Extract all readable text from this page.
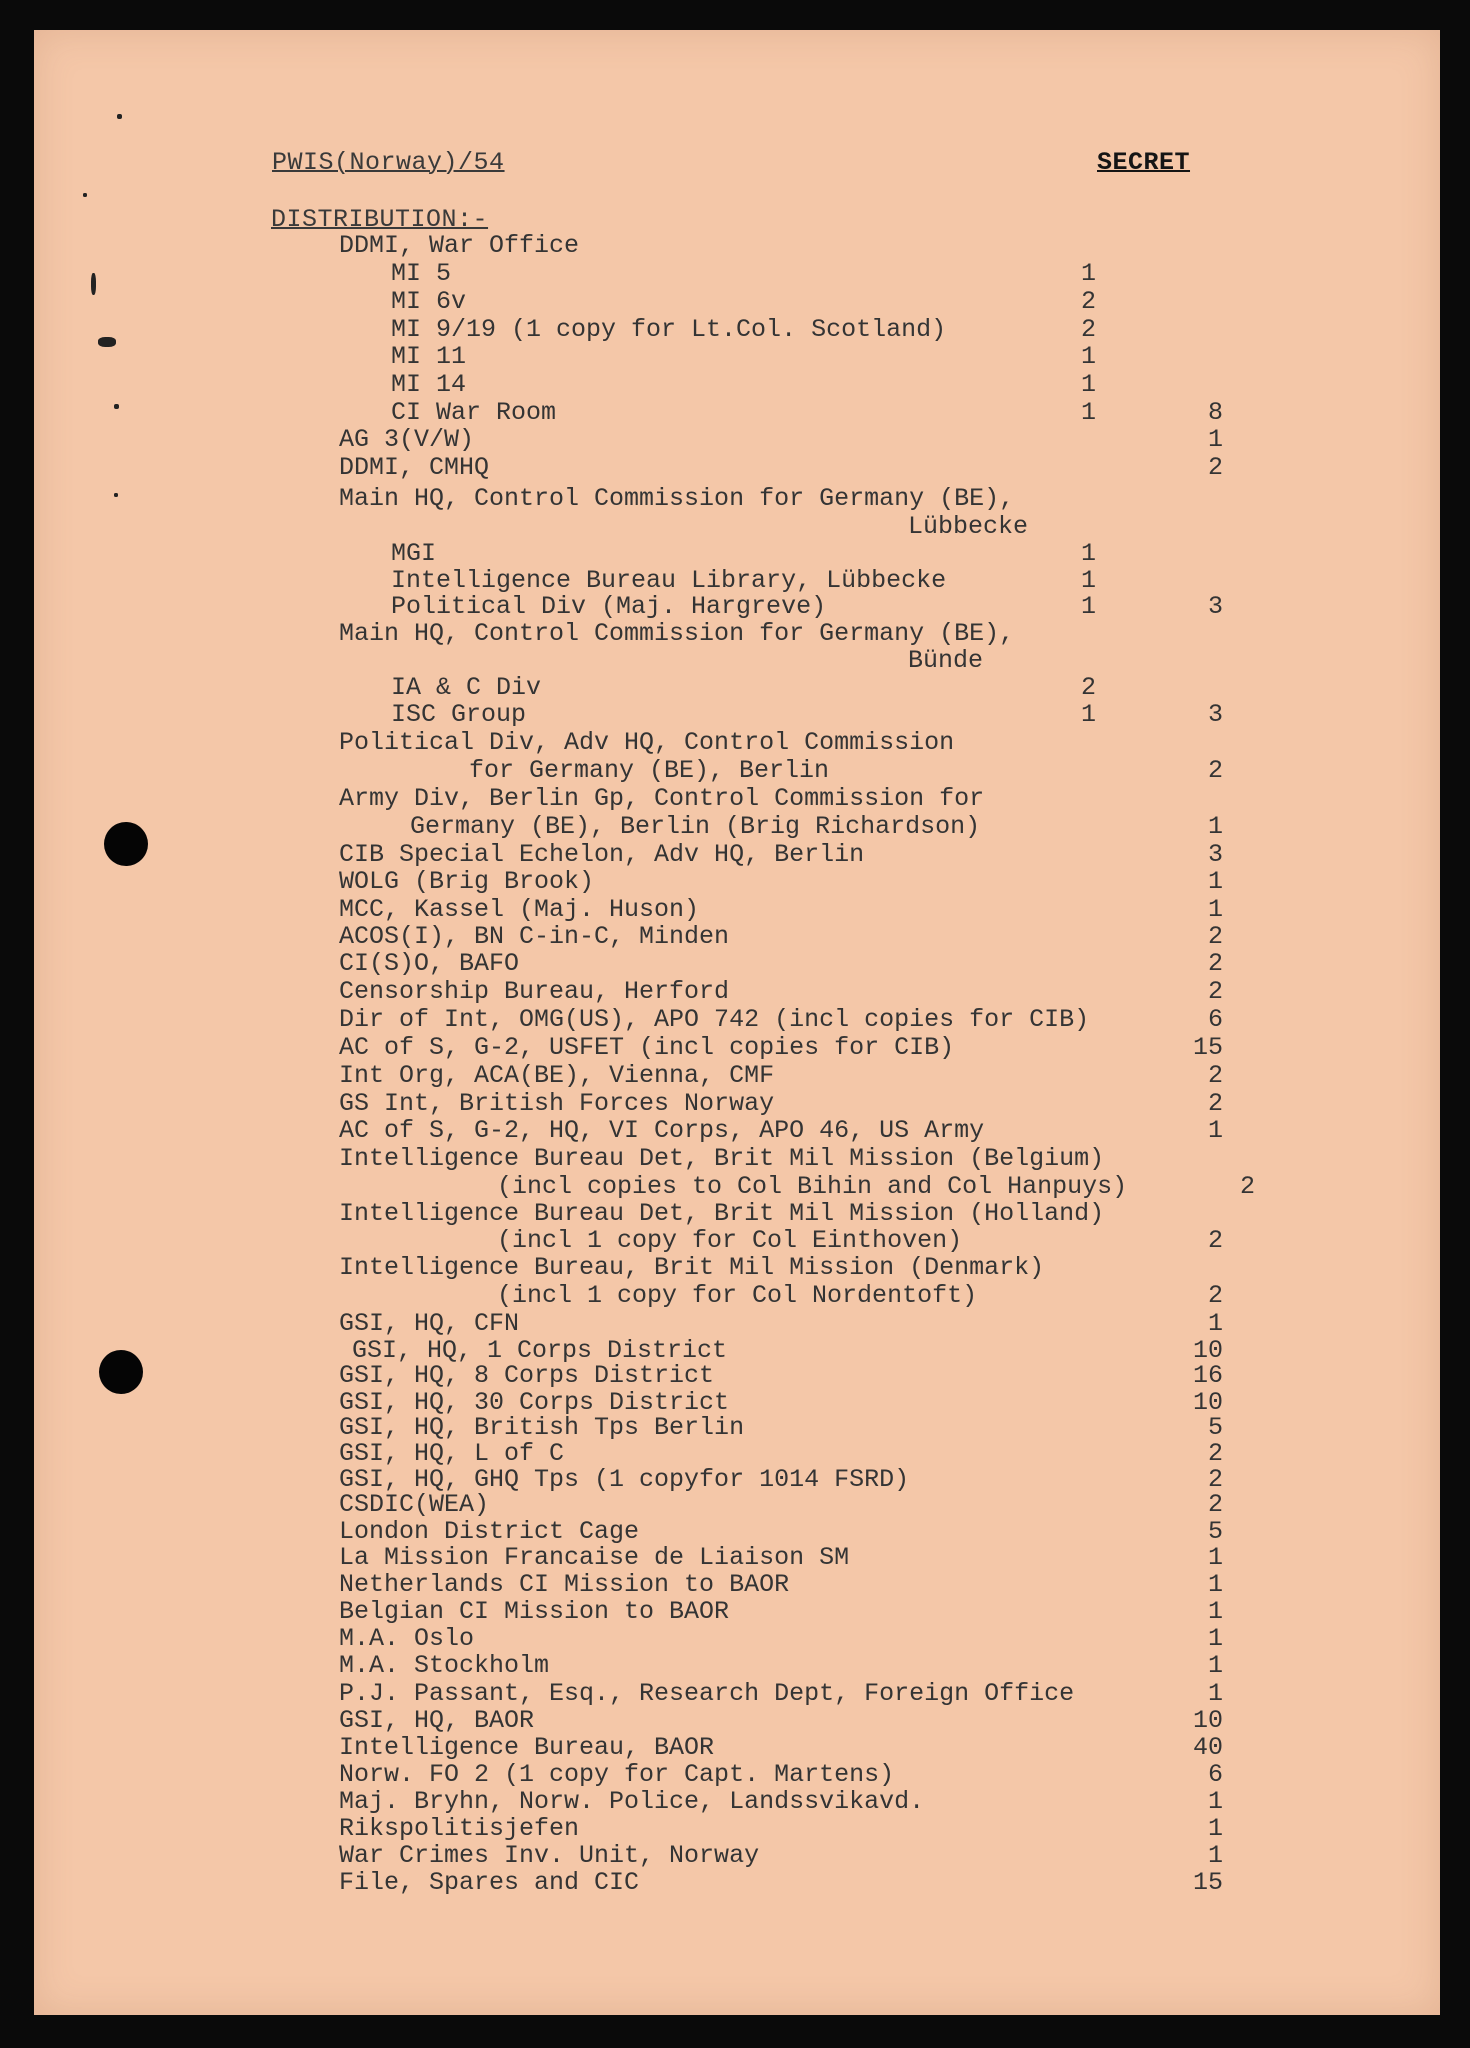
PWIS(Norway)/54	SECRET
DISTRIBUTION:-
DDMI, War Office
MI 5	1
MI 6v	2
MI 9/19 (1 copy for Lt.Col. Scotland)	2
MI 11	1
MI 14	1
CI War Room	1	8
AG 3(V/W)	1
DDMI, CMHQ	2
Main HQ, Control Commission for Germany (BE),
Lübbecke
MGI	1
Intelligence Bureau Library, Lübbecke	1
Political Div (Maj. Hargreve)	1	3
Main HQ, Control Commission for Germany (BE),
Bünde
IA & C Div	2
ISC Group	1	3
Political Div, Adv HQ, Control Commission
for Germany (BE), Berlin	2
Army Div, Berlin Gp, Control Commission for
Germany (BE), Berlin (Brig Richardson)	1
CIB Special Echelon, Adv HQ, Berlin	3
WOLG (Brig Brook)	1
MCC, Kassel (Maj. Huson)	1
ACOS(I), BN C-in-C, Minden	2
CI(S)O, BAFO	2
Censorship Bureau, Herford	2
Dir of Int, OMG(US), APO 742 (incl copies for CIB)	6
AC of S, G-2, USFET (incl copies for CIB)	15
Int Org, ACA(BE), Vienna, CMF	2
GS Int, British Forces Norway	2
AC of S, G-2, HQ, VI Corps, APO 46, US Army	1
Intelligence Bureau Det, Brit Mil Mission (Belgium)
(incl copies to Col Bihin and Col Hanpuys)	2
Intelligence Bureau Det, Brit Mil Mission (Holland)
(incl 1 copy for Col Einthoven)	2
Intelligence Bureau, Brit Mil Mission (Denmark)
(incl 1 copy for Col Nordentoft)	2
GSI, HQ, CFN	1
GSI, HQ, 1 Corps District	10
GSI, HQ, 8 Corps District	16
GSI, HQ, 30 Corps District	10
GSI, HQ, British Tps Berlin	5
GSI, HQ, L of C	2
GSI, HQ, GHQ Tps (1 copyfor 1014 FSRD)	2
CSDIC(WEA)	2
London District Cage	5
La Mission Francaise de Liaison SM	1
Netherlands CI Mission to BAOR	1
Belgian CI Mission to BAOR	1
M.A. Oslo	1
M.A. Stockholm	1
P.J. Passant, Esq., Research Dept, Foreign Office	1
GSI, HQ, BAOR	10
Intelligence Bureau, BAOR	40
Norw. FO 2 (1 copy for Capt. Martens)	6
Maj. Bryhn, Norw. Police, Landssvikavd.	1
Rikspolitisjefen	1
War Crimes Inv. Unit, Norway	1
File, Spares and CIC	15
